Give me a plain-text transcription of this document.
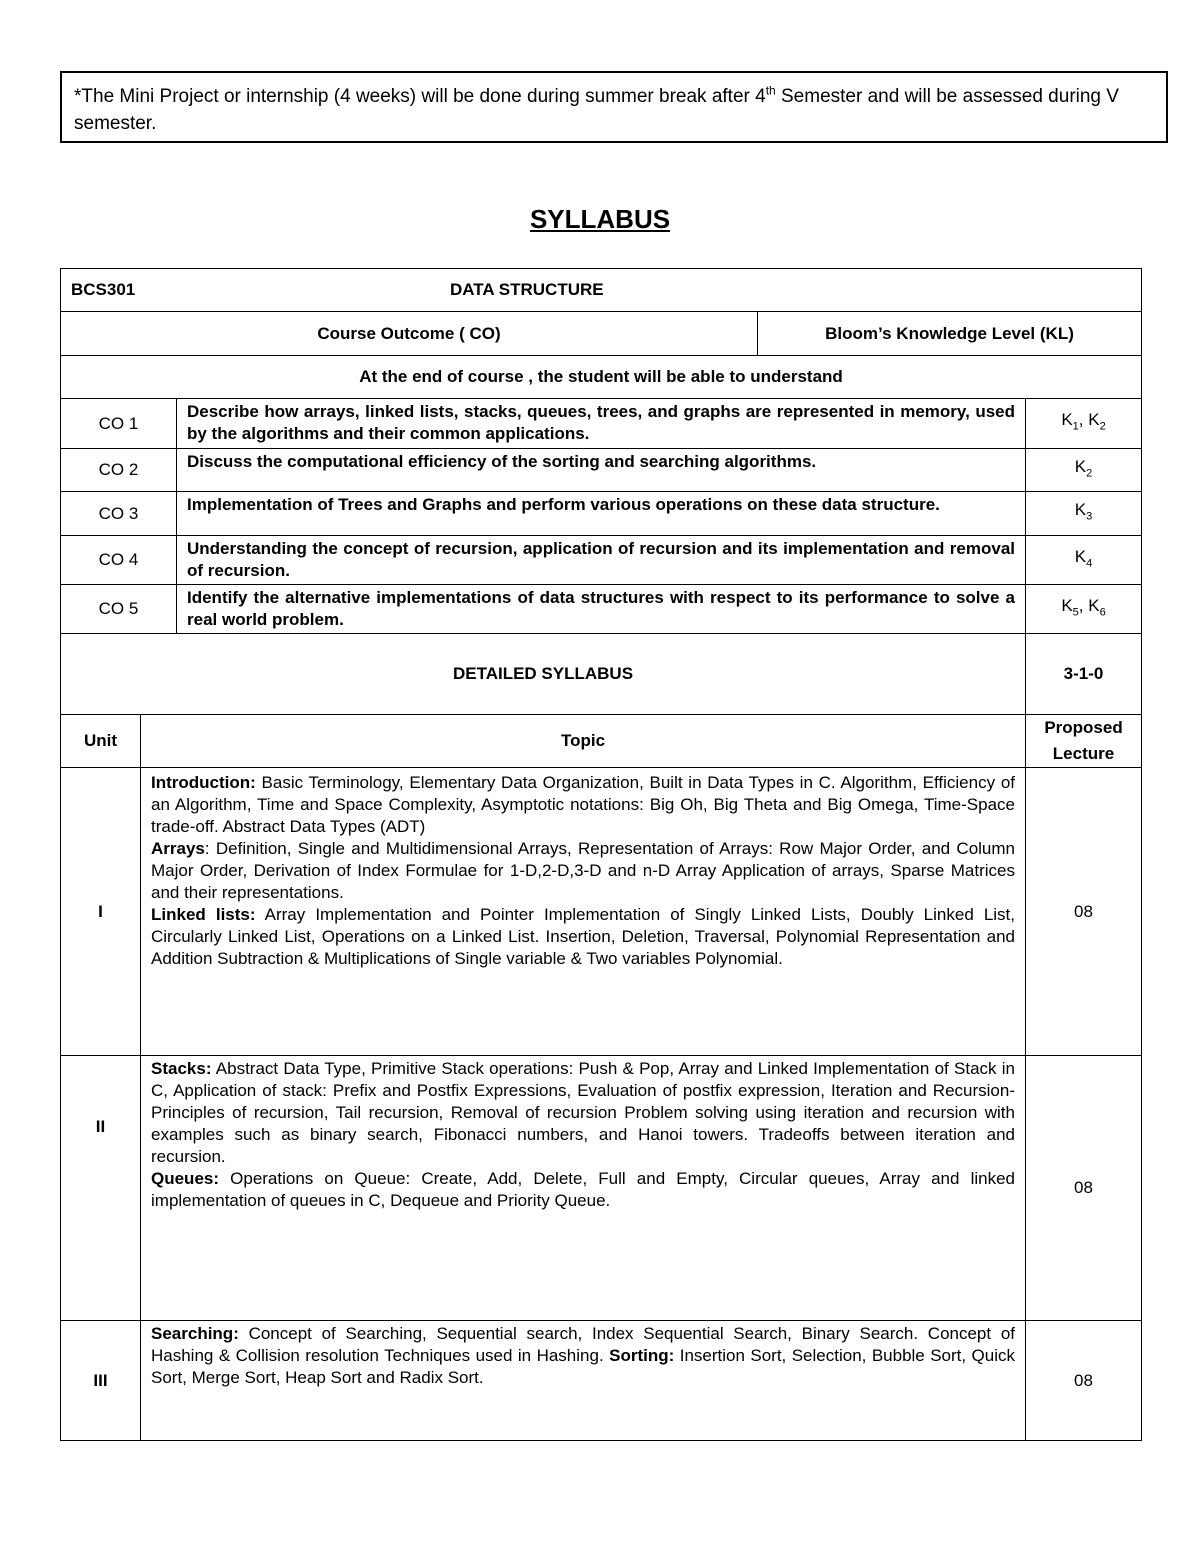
*The Mini Project or internship (4 weeks) will be done during summer break after 4th Semester and will be assessed during V semester.
SYLLABUS
BCS301 DATA STRUCTURE				

Course Outcome ( CO)			Bloom’s Knowledge Level (KL)	
At the end of course , the student will be able to understand				
CO 1		Describe how arrays, linked lists, stacks, queues, trees, and graphs are represented in memory, used by the algorithms and their common applications.		$K_1$, $K_2$
CO 2		Discuss the computational efficiency of the sorting and searching algorithms.		$K_2$
CO 3		Implementation of Trees and Graphs and perform various operations on these data structure.		$K_3$
CO 4		Understanding the concept of recursion, application of recursion and its implementation and removal of recursion.		$K_4$
CO 5		Identify the alternative implementations of data structures with respect to its performance to solve a real world problem.		$K_5$, $K_6$
DETAILED SYLLABUS				3-1-0
Unit	Topic			Proposed Lecture
I	Introduction: Basic Terminology, Elementary Data Organization, Built in Data Types in C. Algorithm, Efficiency of an Algorithm, Time and Space Complexity, Asymptotic notations: Big Oh, Big Theta and Big Omega, Time-Space trade-off. Abstract Data Types (ADT)
Arrays: Definition, Single and Multidimensional Arrays, Representation of Arrays: Row Major Order, and Column Major Order, Derivation of Index Formulae for 1-D,2-D,3-D and n-D Array Application of arrays, Sparse Matrices and their representations.
Linked lists: Array Implementation and Pointer Implementation of Singly Linked Lists, Doubly Linked List, Circularly Linked List, Operations on a Linked List. Insertion, Deletion, Traversal, Polynomial Representation and Addition Subtraction & Multiplications of Single variable & Two variables Polynomial.			08
II	Stacks: Abstract Data Type, Primitive Stack operations: Push & Pop, Array and Linked Implementation of Stack in C, Application of stack: Prefix and Postfix Expressions, Evaluation of postfix expression, Iteration and Recursion- Principles of recursion, Tail recursion, Removal of recursion Problem solving using iteration and recursion with examples such as binary search, Fibonacci numbers, and Hanoi towers. Tradeoffs between iteration and recursion.
Queues: Operations on Queue: Create, Add, Delete, Full and Empty, Circular queues, Array and linked implementation of queues in C, Dequeue and Priority Queue.			08
III	Searching: Concept of Searching, Sequential search, Index Sequential Search, Binary Search. Concept of Hashing & Collision resolution Techniques used in Hashing. Sorting: Insertion Sort, Selection, Bubble Sort, Quick Sort, Merge Sort, Heap Sort and Radix Sort.			08
